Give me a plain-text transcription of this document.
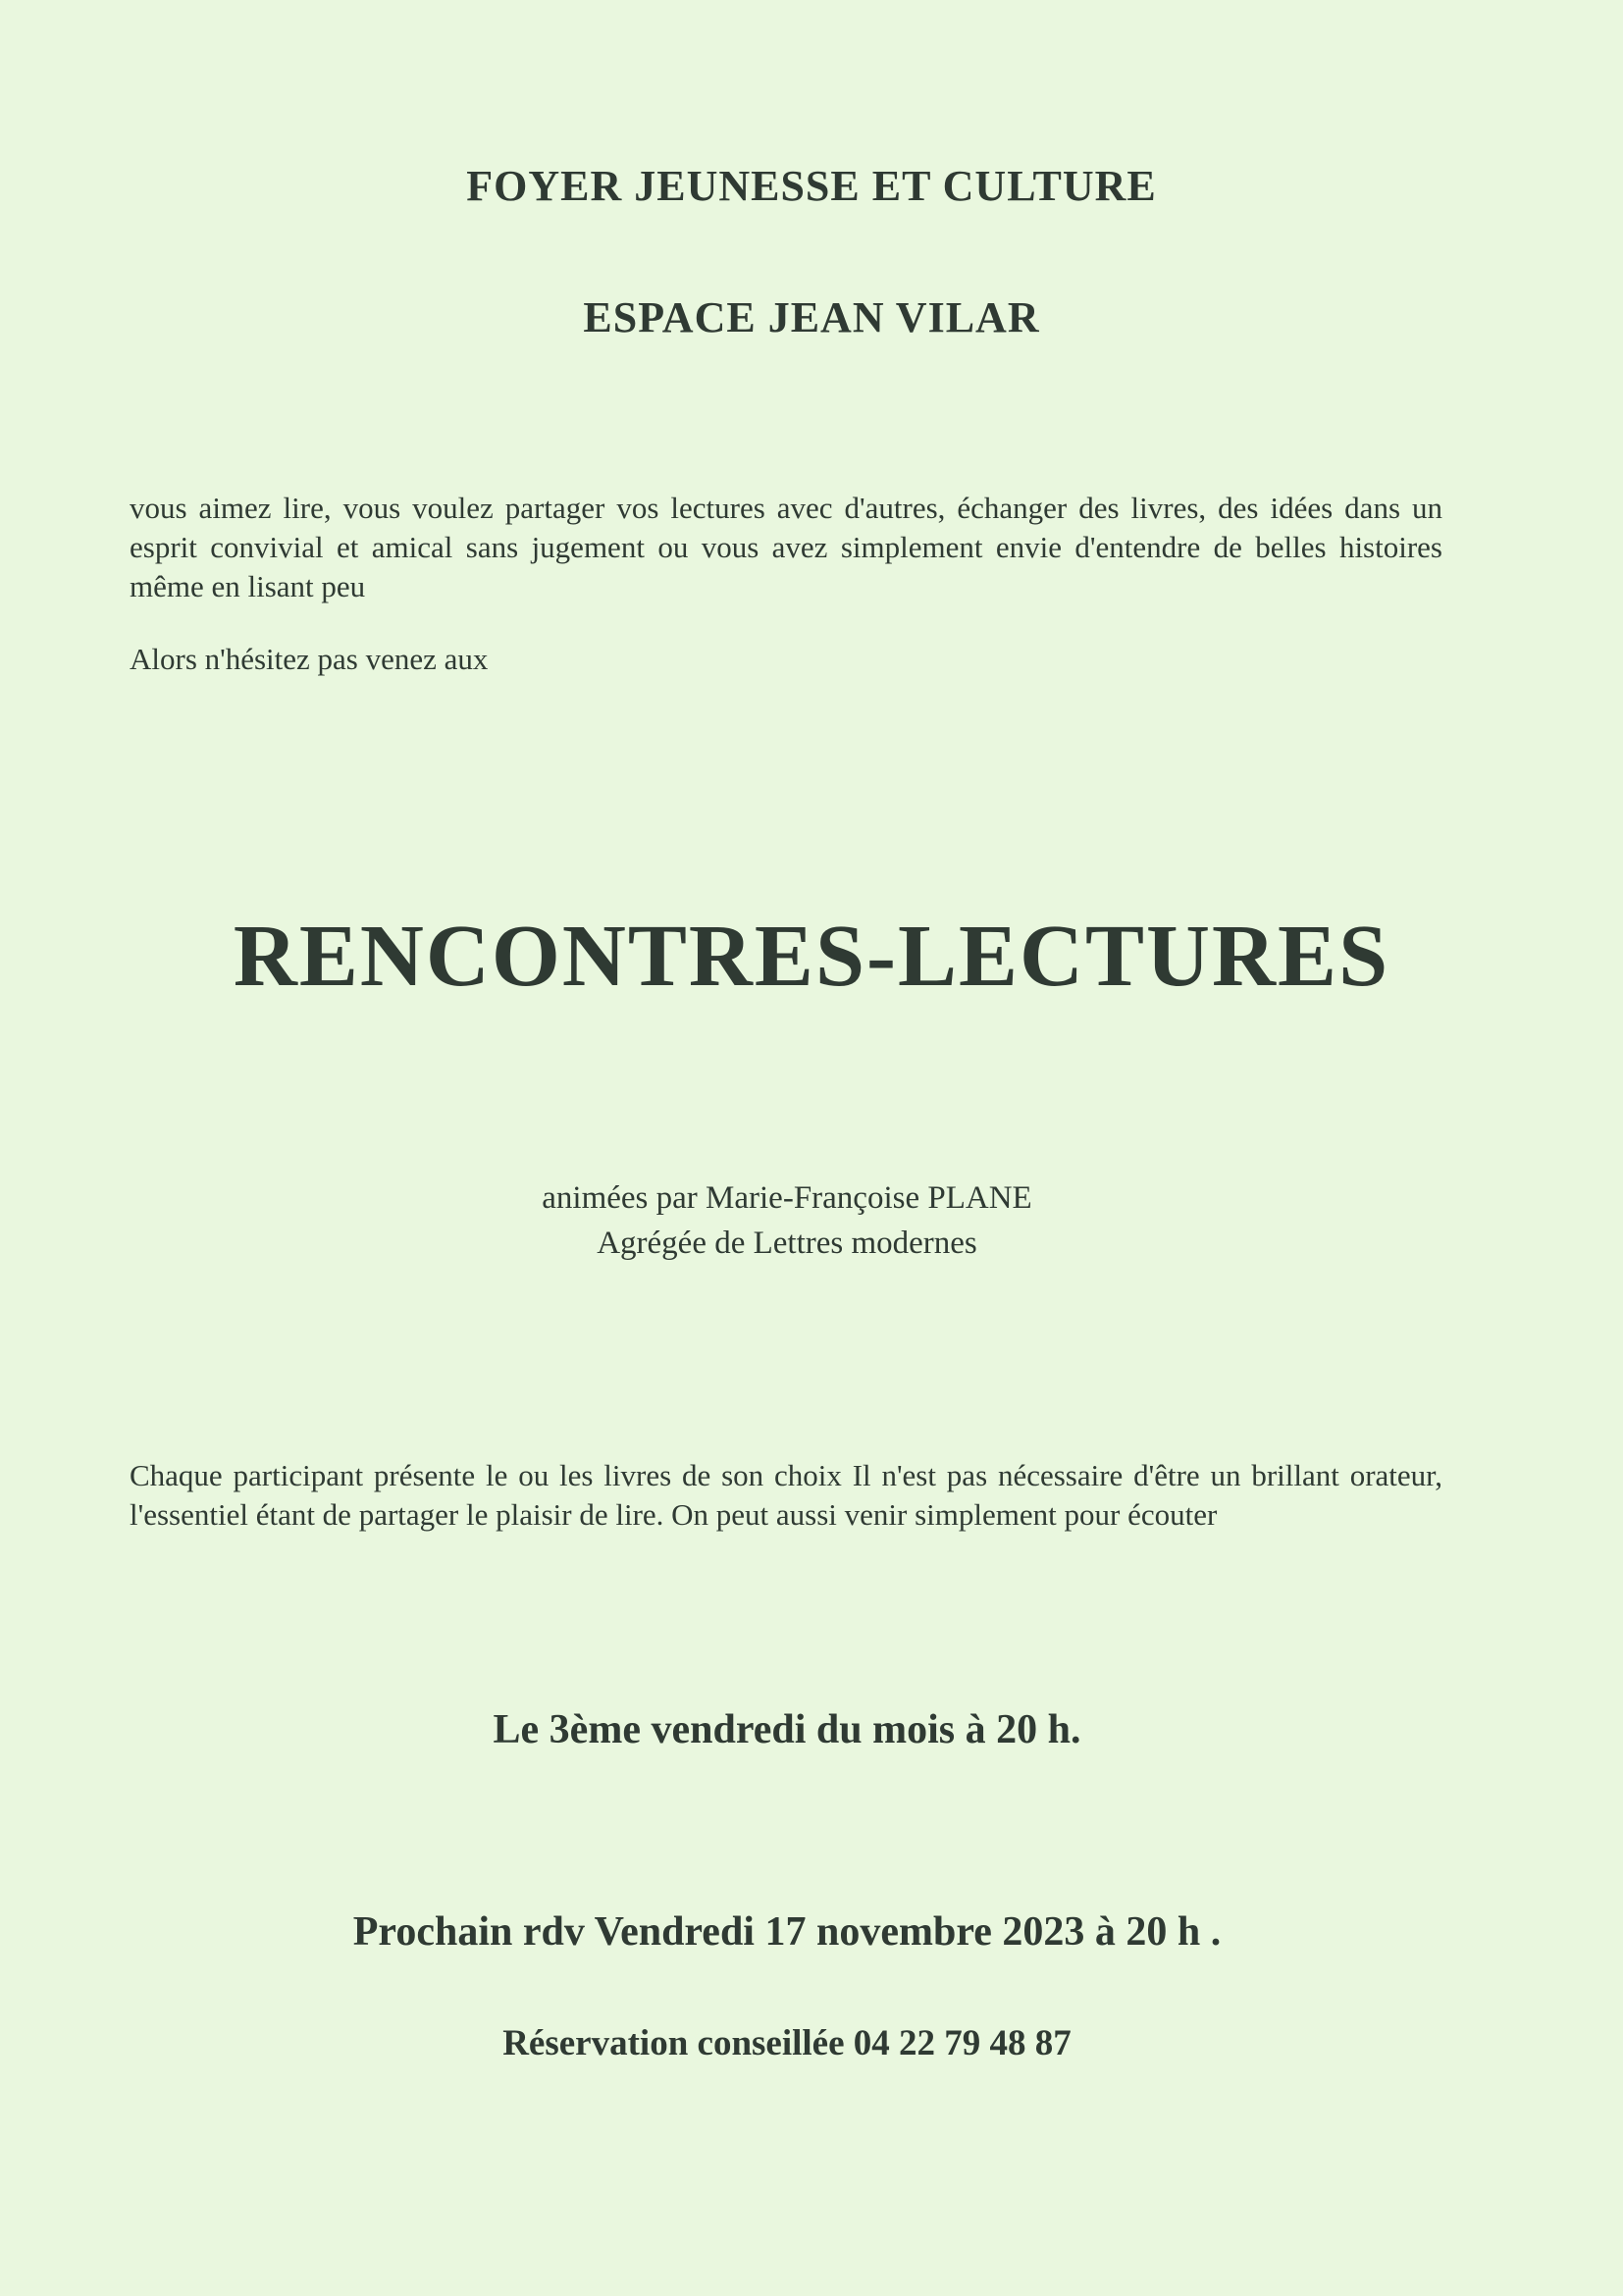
FOYER JEUNESSE ET CULTURE
ESPACE JEAN VILAR

vous aimez lire, vous voulez partager vos lectures avec d'autres, échanger des livres, des idées dans un esprit convivial et amical sans jugement ou vous avez simplement envie d'entendre de belles histoires même en lisant peu

Alors n'hésitez pas venez aux

RENCONTRES-LECTURES
animées par Marie-Françoise PLANE
Agrégée de Lettres modernes

Chaque participant présente le ou les livres de son choix Il n'est pas nécessaire d'être un brillant orateur, l'essentiel étant de partager le plaisir de lire. On peut aussi venir simplement pour écouter

Le 3ème vendredi du mois à 20 h.
Prochain rdv Vendredi 17 novembre 2023 à 20 h .
Réservation conseillée 04 22 79 48 87
